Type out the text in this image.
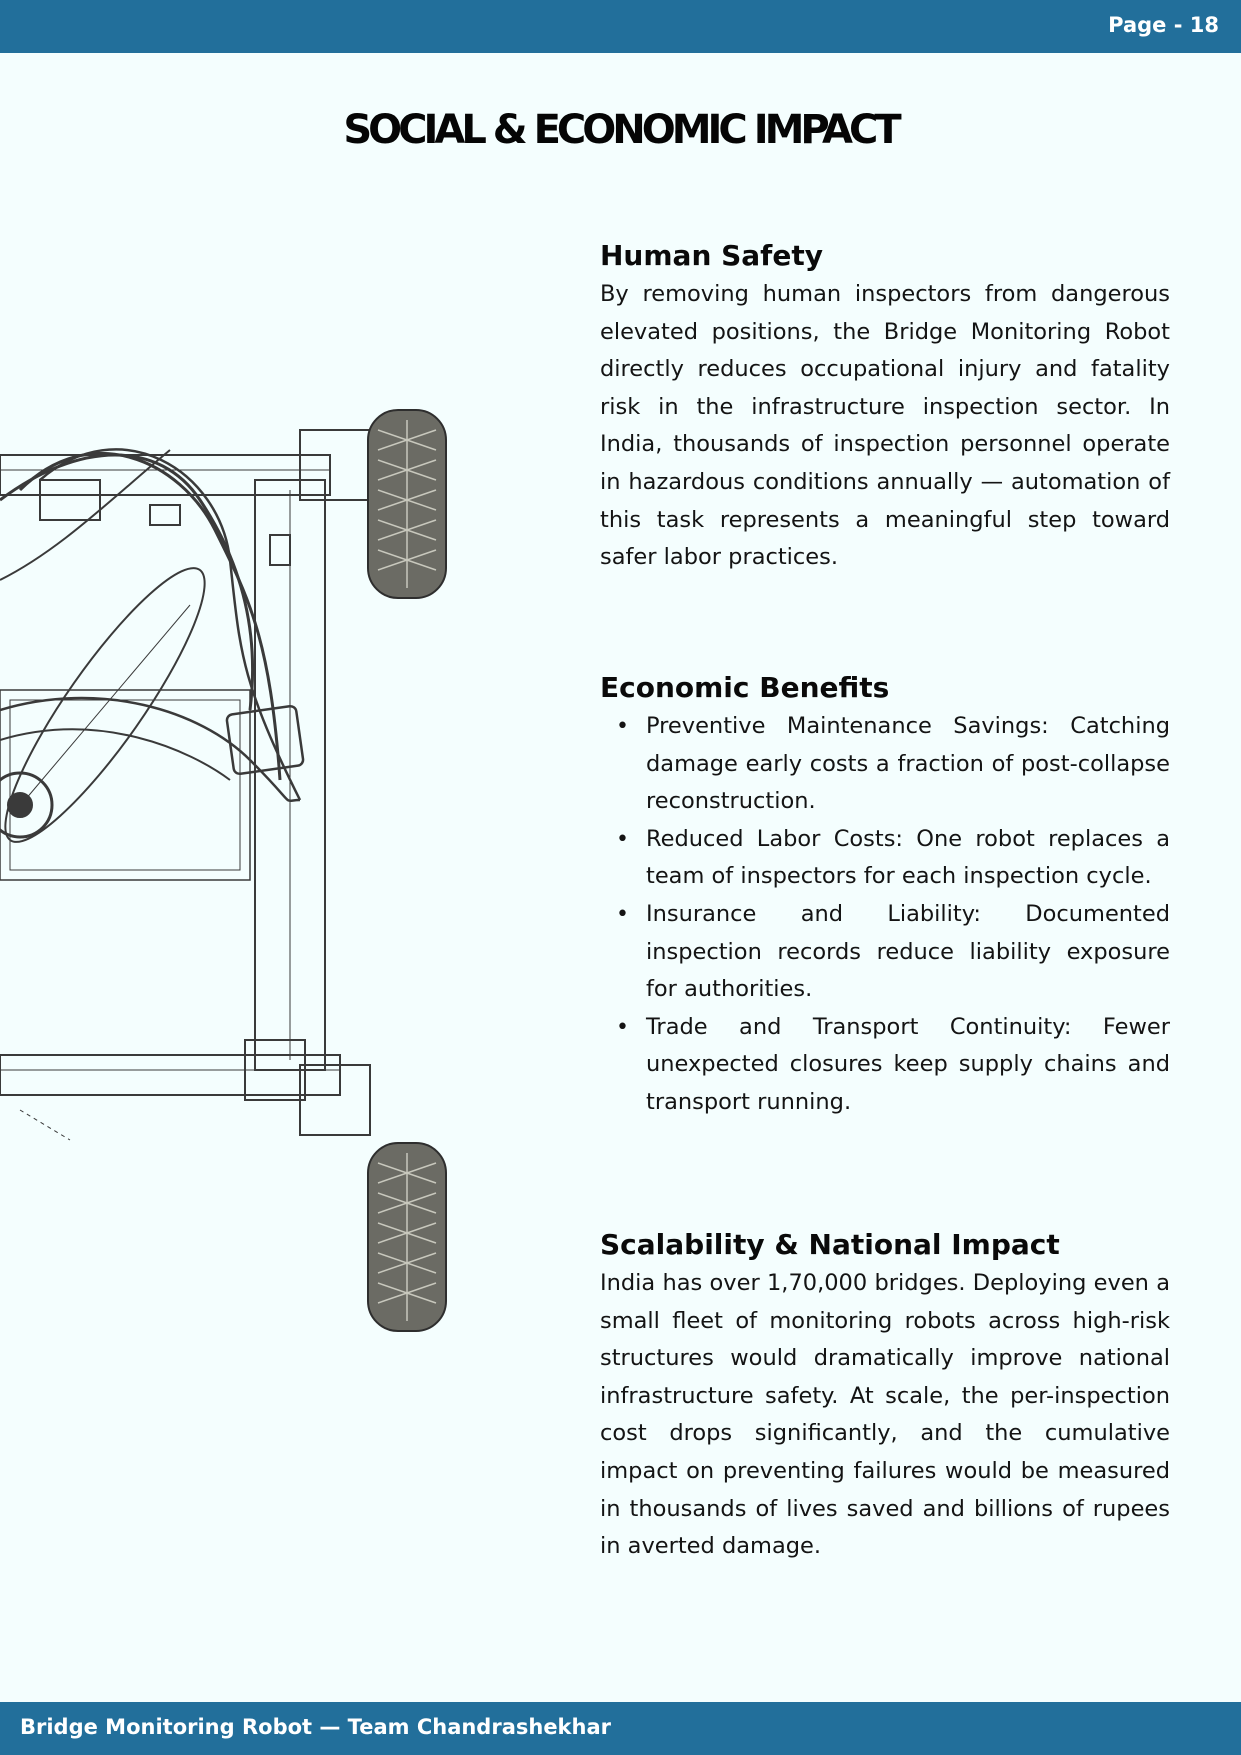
Page - 18
SOCIAL & ECONOMIC IMPACT
Human Safety

By removing human inspectors from dangerous elevated positions, the Bridge Monitoring Robot directly reduces occupational injury and fatality risk in the infrastructure inspection sector. In India, thousands of inspection personnel operate in hazardous conditions annually — automation of this task represents a meaningful step toward safer labor practices.

Economic Benefits
• Preventive Maintenance Savings: Catching damage early costs a fraction of post-collapse reconstruction.
• Reduced Labor Costs: One robot replaces a team of inspectors for each inspection cycle.
• Insurance and Liability: Documented inspection records reduce liability exposure for authorities.
• Trade and Transport Continuity: Fewer unexpected closures keep supply chains and transport running.
Scalability & National Impact

India has over 1,70,000 bridges. Deploying even a small fleet of monitoring robots across high-risk structures would dramatically improve national infrastructure safety. At scale, the per-inspection cost drops significantly, and the cumulative impact on preventing failures would be measured in thousands of lives saved and billions of rupees in averted damage.

Bridge Monitoring Robot — Team Chandrashekhar
